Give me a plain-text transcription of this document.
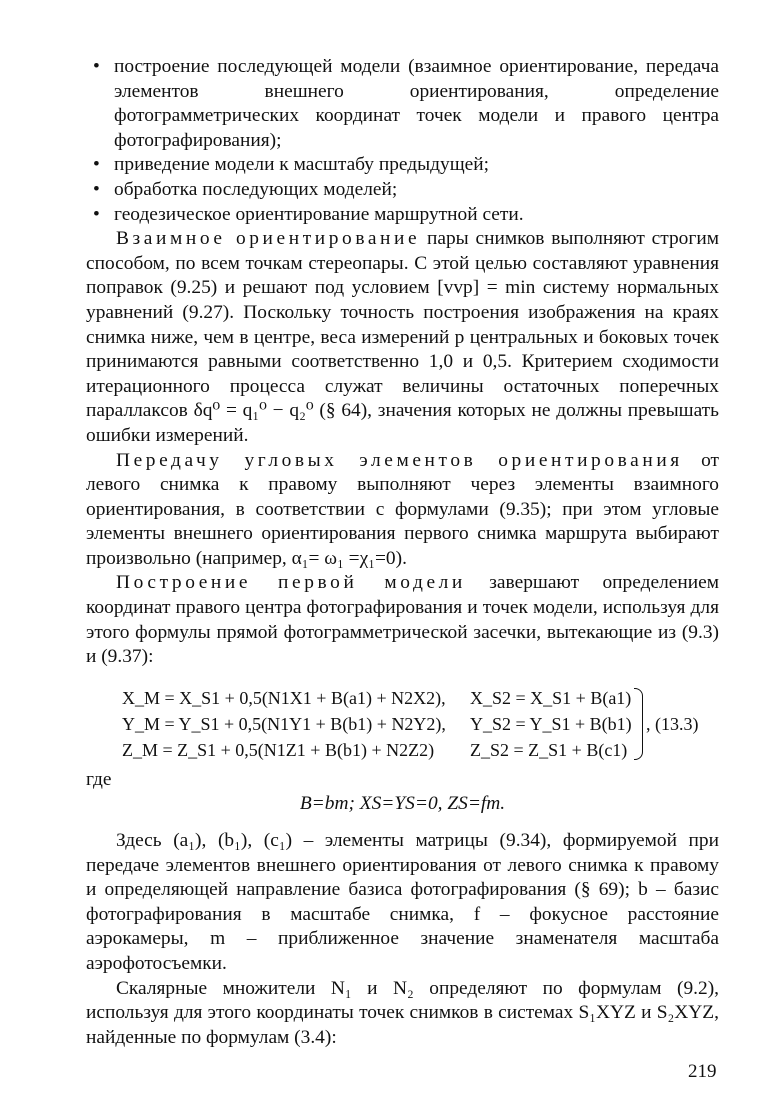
• построение последующей модели (взаимное ориентирование, передача элементов внешнего ориентирования, определение фотограмметрических координат точек модели и правого центра фотографирования);
• приведение модели к масштабу предыдущей;
• обработка последующих моделей;
• геодезическое ориентирование маршрутной сети.

Взаимное ориентирование пары снимков выполняют строгим способом, по всем точкам стереопары. С этой целью составляют уравнения поправок (9.25) и решают под условием [vvp] = min систему нормальных уравнений (9.27). Поскольку точность построения изображения на краях снимка ниже, чем в центре, веса измерений p центральных и боковых точек принимаются равными соответственно 1,0 и 0,5. Критерием сходимости итерационного процесса служат величины остаточных поперечных параллаксов δq⁰ = q₁⁰ − q₂⁰ (§ 64), значения которых не должны превышать ошибки измерений.

Передачу угловых элементов ориентирования от левого снимка к правому выполняют через элементы взаимного ориентирования, в соответствии с формулами (9.35); при этом угловые элементы внешнего ориентирования первого снимка маршрута выбирают произвольно (например, α₁= ω₁ =χ₁=0).

Построение первой модели завершают определением координат правого центра фотографирования и точек модели, используя для этого формулы прямой фотограмметрической засечки, вытекающие из (9.3) и (9.37):

X_M = X_S1 + 0,5(N1X1 + B(a1) + N2X2), X_S2 = X_S1 + B(a1)
Y_M = Y_S1 + 0,5(N1Y1 + B(b1) + N2Y2), Y_S2 = Y_S1 + B(b1)
Z_M = Z_S1 + 0,5(N1Z1 + B(b1) + N2Z2) Z_S2 = Z_S1 + B(c1)
, (13.3)
где
B=bm; XS=YS=0, ZS=fm.

Здесь (a₁), (b₁), (c₁) – элементы матрицы (9.34), формируемой при передаче элементов внешнего ориентирования от левого снимка к правому и определяющей направление базиса фотографирования (§ 69); b – базис фотографирования в масштабе снимка, f – фокусное расстояние аэрокамеры, m – приближенное значение знаменателя масштаба аэрофотосъемки.

Скалярные множители N₁ и N₂ определяют по формулам (9.2), используя для этого координаты точек снимков в системах S₁XYZ и S₂XYZ, найденные по формулам (3.4):

219
